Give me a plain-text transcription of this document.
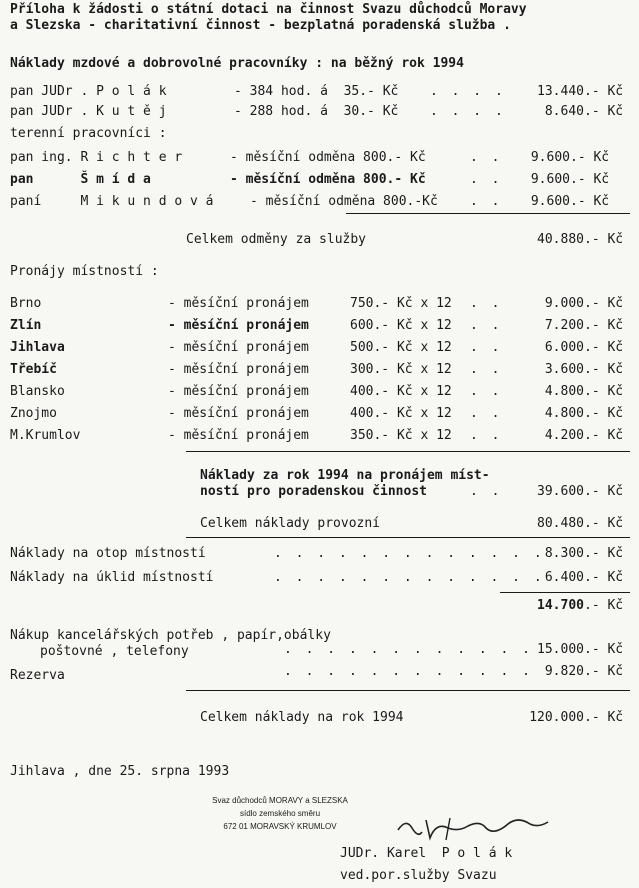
Příloha k žádosti o státní dotaci na činnost Svazu důchodců Moravy
a Slezska - charitativní činnost - bezplatná poradenská služba .
Náklady mzdové a dobrovolné pracovníky : na běžný rok 1994
pan JUDr . P o l á k	- 384 hod. á  35.- Kč . . . .	13.440 .- Kč
pan JUDr . K u t ě j	- 288 hod. á  30.- Kč . . . .	8.640 .- Kč
terenní pracovníci :
pan ing. R i c h t e r	- měsíční odměna 800.- Kč	. .	9.600 .- Kč
pan      Š m í d a	- měsíční odměna 800.- Kč	. .	9.600 .- Kč
paní     M i k u n d o v á	- měsíční odměna 800.-Kč . .	9.600 .- Kč
Celkem odměny za služby	40.880 .- Kč
Pronájy místností :
Brno	- měsíční pronájem	750.- Kč x 12 . .	9.000 .- Kč
Zlín	- měsíční pronájem	600.- Kč x 12 . .	7.200 .- Kč
Jihlava	- měsíční pronájem	500.- Kč x 12 . .	6.000 .- Kč
Třebíč	- měsíční pronájem	300.- Kč x 12 . .	3.600 .- Kč
Blansko	- měsíční pronájem	400.- Kč x 12 . .	4.800 .- Kč
Znojmo	- měsíční pronájem	400.- Kč x 12 . .	4.800 .- Kč
M.Krumlov	- měsíční pronájem	350.- Kč x 12 . .	4.200 .- Kč
Náklady za rok 1994 na pronájem míst-
ností pro poradenskou činnost	. .	39.600 .- Kč
Celkem náklady provozní	80.480 .- Kč
Náklady na otop místností	. . . . . . . . . . . . . 8.300 .- Kč
Náklady na úklid místností	. . . . . . . . . . . . . 6.400 .- Kč
14.700 .- Kč
Nákup kancelářských potřeb , papír,obálky
poštovné , telefony	. . . . . . . . . . . . 15.000 .- Kč
Rezerva	. . . . . . . . . . . . 9.820 .- Kč
Celkem náklady na rok 1994	120.000 .- Kč
Jihlava , dne 25. srpna 1993
Svaz důchodců MORAVY a SLEZSKA
sídlo zemského směru
672 01 MORAVSKÝ KRUMLOV
JUDr. Karel  P o l á k
ved.por.služby Svazu
